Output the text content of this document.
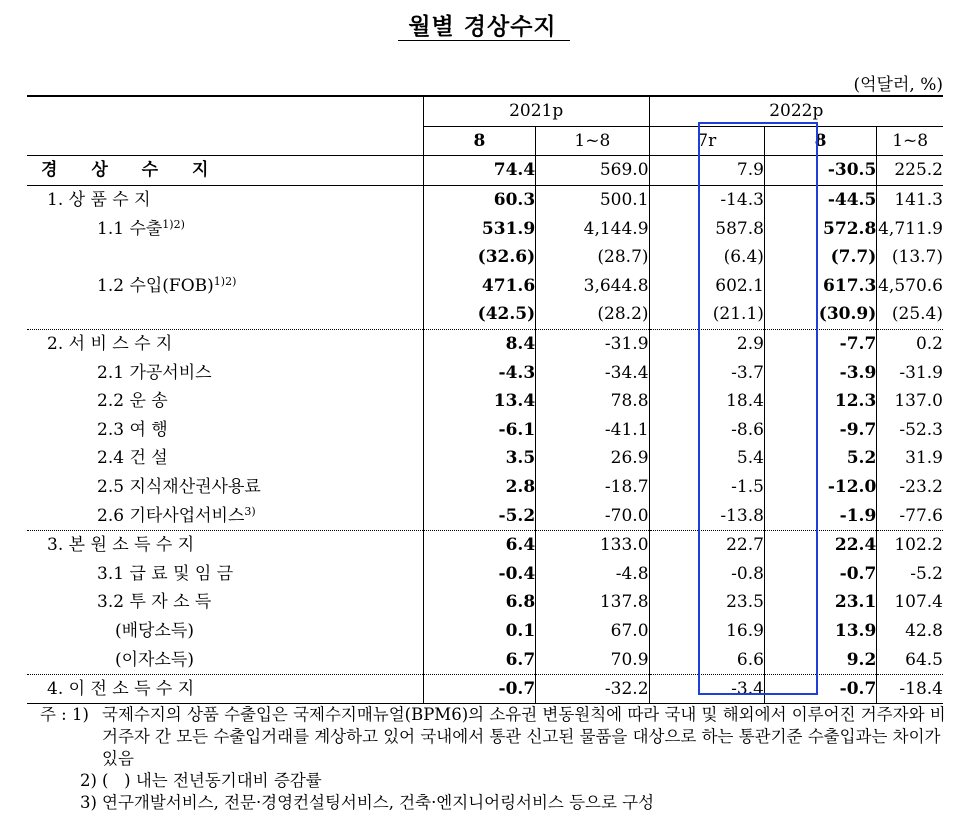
월별 경상수지
(억달러, %)
	2021p		2022p		
	8	1~8	7r	8	1~8
경 상 수 지	74.4	569.0	7.9	-30.5	225.2
1. 상 품 수 지	60.3	500.1	-14.3	-44.5	141.3
1.1 수출$^{1)2)}$	531.9	4,144.9	587.8	572.8	4,711.9
	(32.6)	(28.7)	(6.4)	(7.7)	(13.7)
1.2 수입(FOB)$^{1)2)}$	471.6	3,644.8	602.1	617.3	4,570.6
	(42.5)	(28.2)	(21.1)	(30.9)	(25.4)
2. 서 비 스 수 지	8.4	-31.9	2.9	-7.7	0.2
2.1 가공서비스	-4.3	-34.4	-3.7	-3.9	-31.9
2.2 운 송	13.4	78.8	18.4	12.3	137.0
2.3 여 행	-6.1	-41.1	-8.6	-9.7	-52.3
2.4 건 설	3.5	26.9	5.4	5.2	31.9
2.5 지식재산권사용료	2.8	-18.7	-1.5	-12.0	-23.2
2.6 기타사업서비스$^{3)}$	-5.2	-70.0	-13.8	-1.9	-77.6
3. 본 원 소 득 수 지	6.4	133.0	22.7	22.4	102.2
3.1 급 료 및 임 금	-0.4	-4.8	-0.8	-0.7	-5.2
3.2 투 자 소 득	6.8	137.8	23.5	23.1	107.4
(배당소득)	0.1	67.0	16.9	13.9	42.8
(이자소득)	6.7	70.9	6.6	9.2	64.5
4. 이 전 소 득 수 지	-0.7	-32.2	-3.4	-0.7	-18.4
주 : 1) 국제수지의 상품 수출입은 국제수지매뉴얼(BPM6)의 소유권 변동원칙에 따라 국내 및 해외에서 이루어진 거주자와 비거주자 간 모든 수출입거래를 계상하고 있어 국내에서 통관 신고된 물품을 대상으로 하는 통관기준 수출입과는 차이가 있음
2) (   ) 내는 전년동기대비 증감률
3) 연구개발서비스, 전문·경영컨설팅서비스, 건축·엔지니어링서비스 등으로 구성
